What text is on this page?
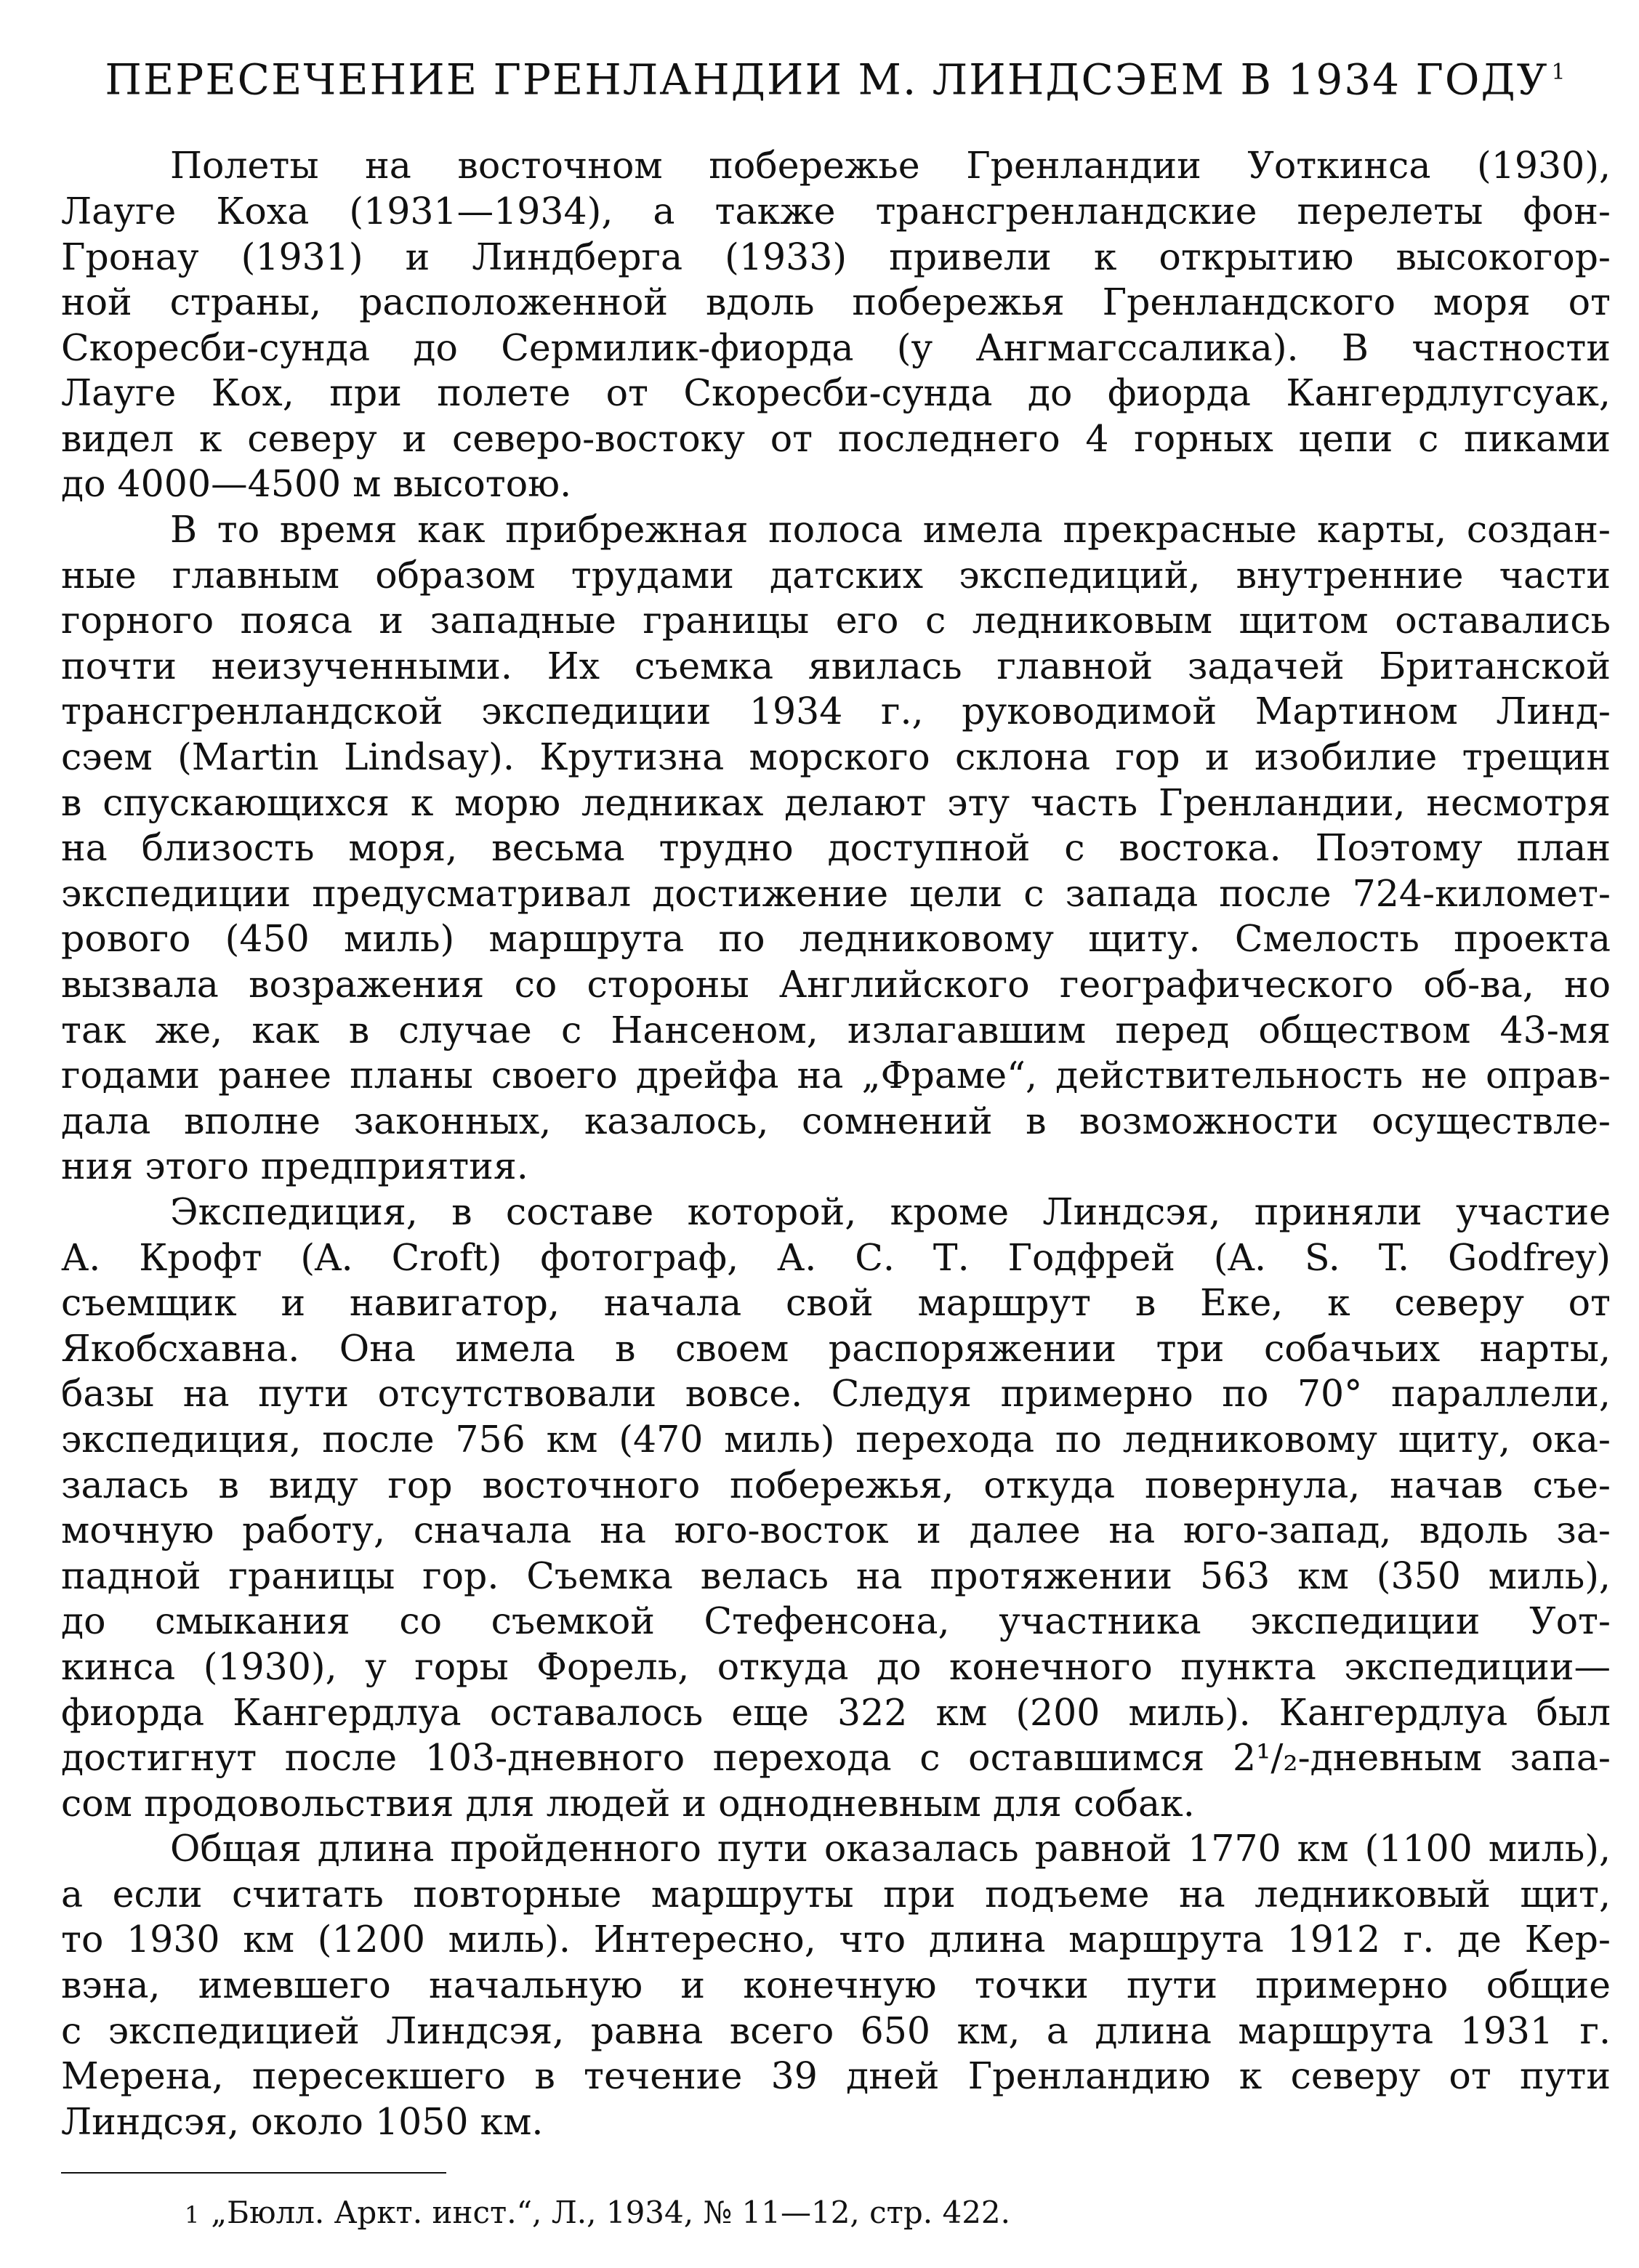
ПЕРЕСЕЧЕНИЕ ГРЕНЛАНДИИ М. ЛИНДСЭЕМ В 1934 ГОДУ $^1$

Полеты на восточном побережье Гренландии Уоткинса (1930),
Лауге Коха (1931—1934), а также трансгренландские перелеты фон-
Гронау (1931) и Линдберга (1933) привели к открытию высокогор-
ной страны, расположенной вдоль побережья Гренландского моря от
Скоресби-сунда до Сермилик-фиорда (у Ангмагссалика). В частности
Лауге Кох, при полете от Скоресби-сунда до фиорда Кангердлугсуак,
видел к северу и северо-востоку от последнего 4 горных цепи с пиками
до 4000—4500 м высотою.

В то время как прибрежная полоса имела прекрасные карты, создан-
ные главным образом трудами датских экспедиций, внутренние части
горного пояса и западные границы его с ледниковым щитом оставались
почти неизученными. Их съемка явилась главной задачей Британской
трансгренландской экспедиции 1934 г., руководимой Мартином Линд-
сэем (Martin Lindsay). Крутизна морского склона гор и изобилие трещин
в спускающихся к морю ледниках делают эту часть Гренландии, несмотря
на близость моря, весьма трудно доступной с востока. Поэтому план
экспедиции предусматривал достижение цели с запада после 724-километ-
рового (450 миль) маршрута по ледниковому щиту. Смелость проекта
вызвала возражения со стороны Английского географического об-ва, но
так же, как в случае с Нансеном, излагавшим перед обществом 43-мя
годами ранее планы своего дрейфа на „Фраме“, действительность не оправ-
дала вполне законных, казалось, сомнений в возможности осуществле-
ния этого предприятия.

Экспедиция, в составе которой, кроме Линдсэя, приняли участие
А. Крофт (A. Croft) фотограф, А. С. Т. Годфрей (A. S. T. Godfrey)
съемщик и навигатор, начала свой маршрут в Еке, к северу от
Якобсхавна. Она имела в своем распоряжении три собачьих нарты,
базы на пути отсутствовали вовсе. Следуя примерно по 70° параллели,
экспедиция, после 756 км (470 миль) перехода по ледниковому щиту, ока-
залась в виду гор восточного побережья, откуда повернула, начав съе-
мочную работу, сначала на юго-восток и далее на юго-запад, вдоль за-
падной границы гор. Съемка велась на протяжении 563 км (350 миль),
до смыкания со съемкой Стефенсона, участника экспедиции Уот-
кинса (1930), у горы Форель, откуда до конечного пункта экспедиции—
фиорда Кангердлуа оставалось еще 322 км (200 миль). Кангердлуа был
достигнут после 103-дневного перехода с оставшимся 2¹/₂-дневным запа-
сом продовольствия для людей и однодневным для собак.

Общая длина пройденного пути оказалась равной 1770 км (1100 миль),
а если считать повторные маршруты при подъеме на ледниковый щит,
то 1930 км (1200 миль). Интересно, что длина маршрута 1912 г. де Кер-
вэна, имевшего начальную и конечную точки пути примерно общие
с экспедицией Линдсэя, равна всего 650 км, а длина маршрута 1931 г.
Мерена, пересекшего в течение 39 дней Гренландию к северу от пути
Линдсэя, около 1050 км.

1 „Бюлл. Аркт. инст.“, Л., 1934, № 11—12, стр. 422.
